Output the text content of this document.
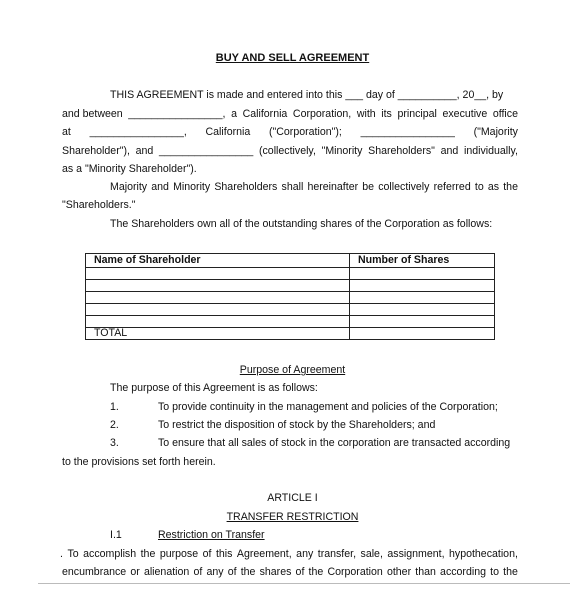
BUY AND SELL AGREEMENT
THIS AGREEMENT is made and entered into this ___ day of __________, 20__, by
and between ________________, a California Corporation, with its principal executive office
at ________________, California ("Corporation"); ________________ ("Majority
Shareholder"), and ________________ (collectively, "Minority Shareholders" and individually,
as a "Minority Shareholder").
Majority and Minority Shareholders shall hereinafter be collectively referred to as the
"Shareholders."
The Shareholders own all of the outstanding shares of the Corporation as follows:
Name of Shareholder	Number of Shares

TOTAL	
Purpose of Agreement
The purpose of this Agreement is as follows:
1.	To provide continuity in the management and policies of the Corporation;
2.	To restrict the disposition of stock by the Shareholders; and
3.	To ensure that all sales of stock in the corporation are transacted according
to the provisions set forth herein.
ARTICLE I
TRANSFER RESTRICTION
I.1	Restriction on Transfer
. To accomplish the purpose of this Agreement, any transfer, sale, assignment, hypothecation,
encumbrance or alienation of any of the shares of the Corporation other than according to the
